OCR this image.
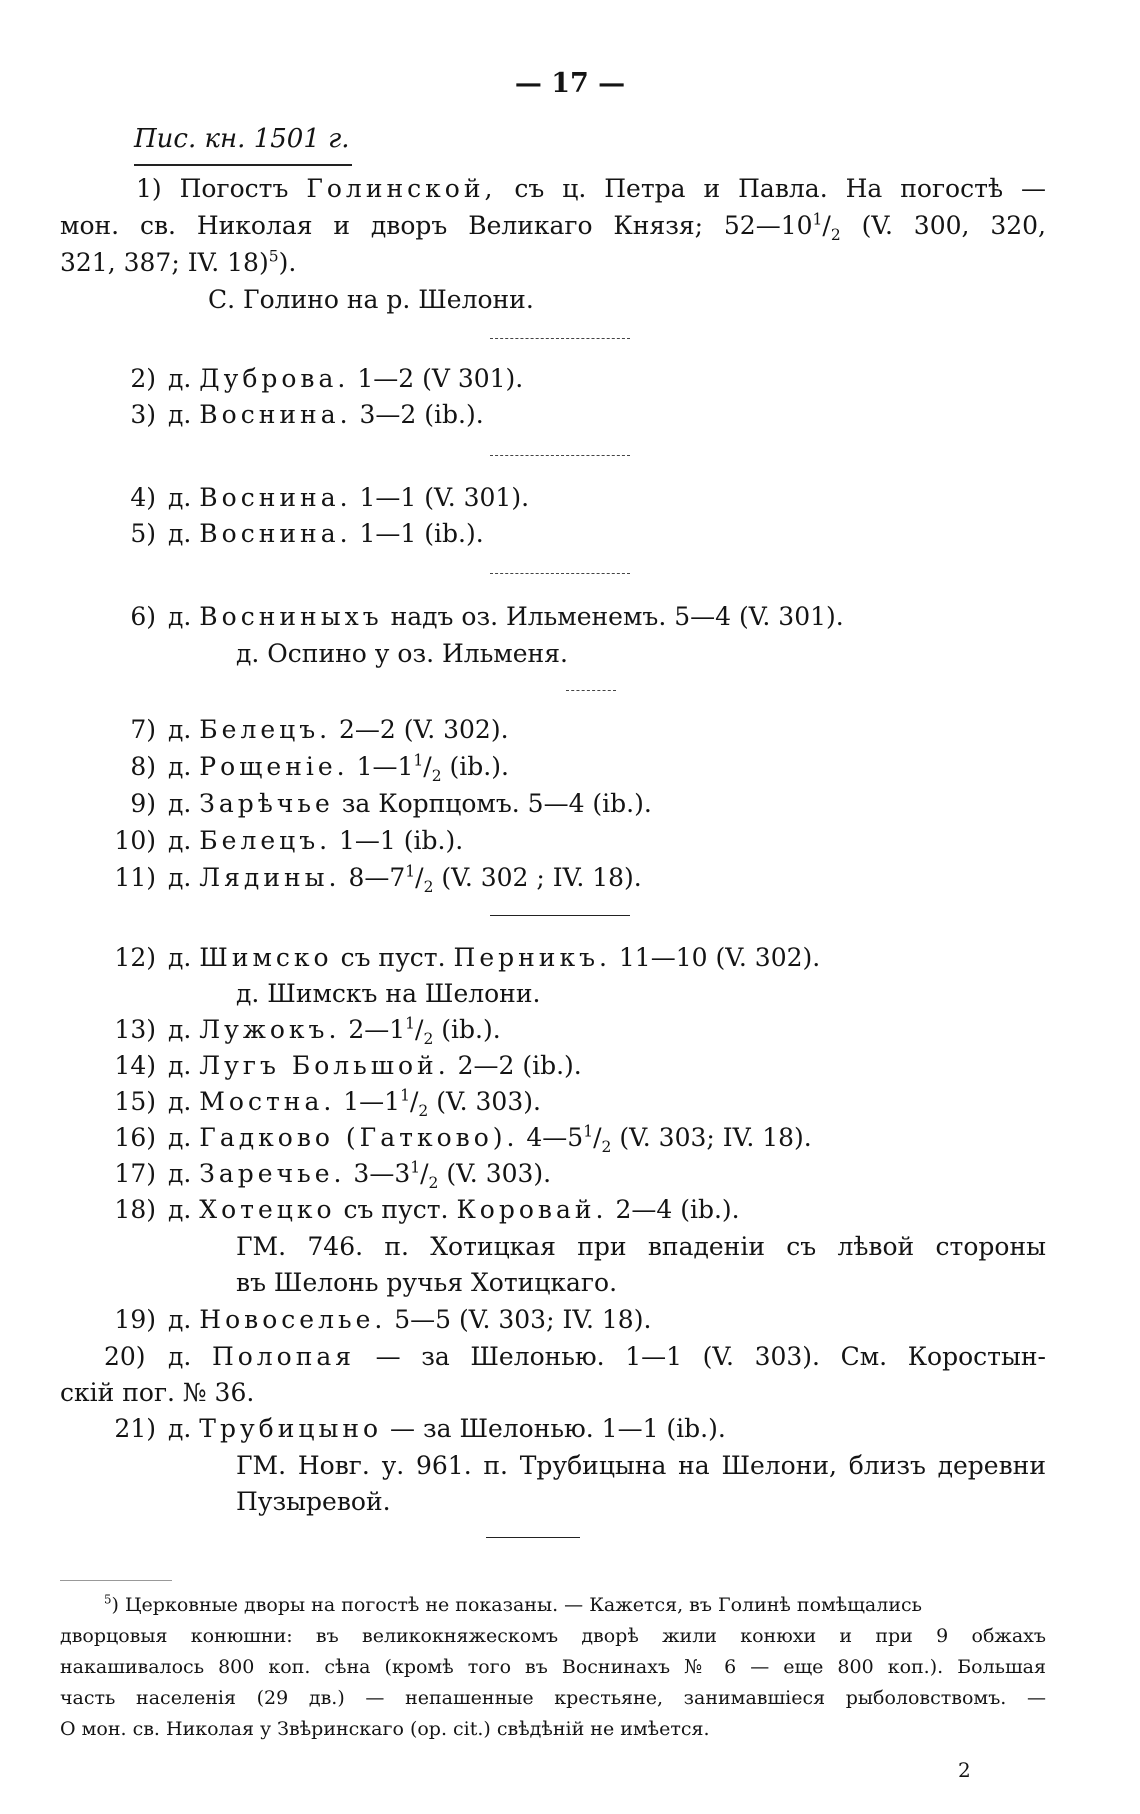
— 17 —
Пис. кн. 1501 г.
1) Погостъ Голинской, съ ц. Петра и Павла. На погостѣ —
мон. св. Николая и дворъ Великаго Князя; $52—10^1/_2$ (V. 300, 320,
321, 387; IV. 18)$^5$).
С. Голино на р. Шелони.
2) д. Дуброва. 1—2 (V 301).
3) д. Воснина. 3—2 (ib.).
4) д. Воснина. 1—1 (V. 301).
5) д. Воснина. 1—1 (ib.).
6) д. Восниныхъ надъ оз. Ильменемъ. 5—4 (V. 301).
д. Оспино у оз. Ильменя.
7) д. Белецъ. 2—2 (V. 302).
8) д. Рощеніе. $1—1^1/_2$ (ib.).
9) д. Зарѣчье за Корпцомъ. 5—4 (ib.).
10) д. Белецъ. 1—1 (ib.).
11) д. Лядины. $8—7^1/_2$ (V. 302 ; IV. 18).
12) д. Шимско съ пуст. Перникъ. 11—10 (V. 302).
д. Шимскъ на Шелони.
13) д. Лужокъ. $2—1^1/_2$ (ib.).
14) д. Лугъ Большой. 2—2 (ib.).
15) д. Мостна. $1—1^1/_2$ (V. 303).
16) д. Гадково (Гатково). $4—5^1/_2$ (V. 303; IV. 18).
17) д. Заречье. $3—3^1/_2$ (V. 303).
18) д. Хотецко съ пуст. Коровай. 2—4 (ib.).
ГМ. 746. п. Хотицкая при впаденіи съ лѣвой стороны
въ Шелонь ручья Хотицкаго.
19) д. Новоселье. 5—5 (V. 303; IV. 18).
20) д. Полопая — за Шелонью. 1—1 (V. 303). См. Коростын-
скій пог. № 36.
21) д. Трубицыно — за Шелонью. 1—1 (ib.).
ГМ. Новг. у. 961. п. Трубицына на Шелони, близъ деревни
Пузыревой.
$^5$) Церковные дворы на погостѣ не показаны. — Кажется, въ Голинѣ помѣщались
дворцовыя конюшни: въ великокняжескомъ дворѣ жили конюхи и при 9 обжахъ
накашивалось 800 коп. сѣна (кромѣ того въ Воснинахъ № 6 — еще 800 коп.). Большая
часть населенія (29 дв.) — непашенные крестьяне, занимавшіеся рыболовствомъ. —
О мон. св. Николая у Звѣринскаго (op. cit.) свѣдѣній не имѣется.
2
